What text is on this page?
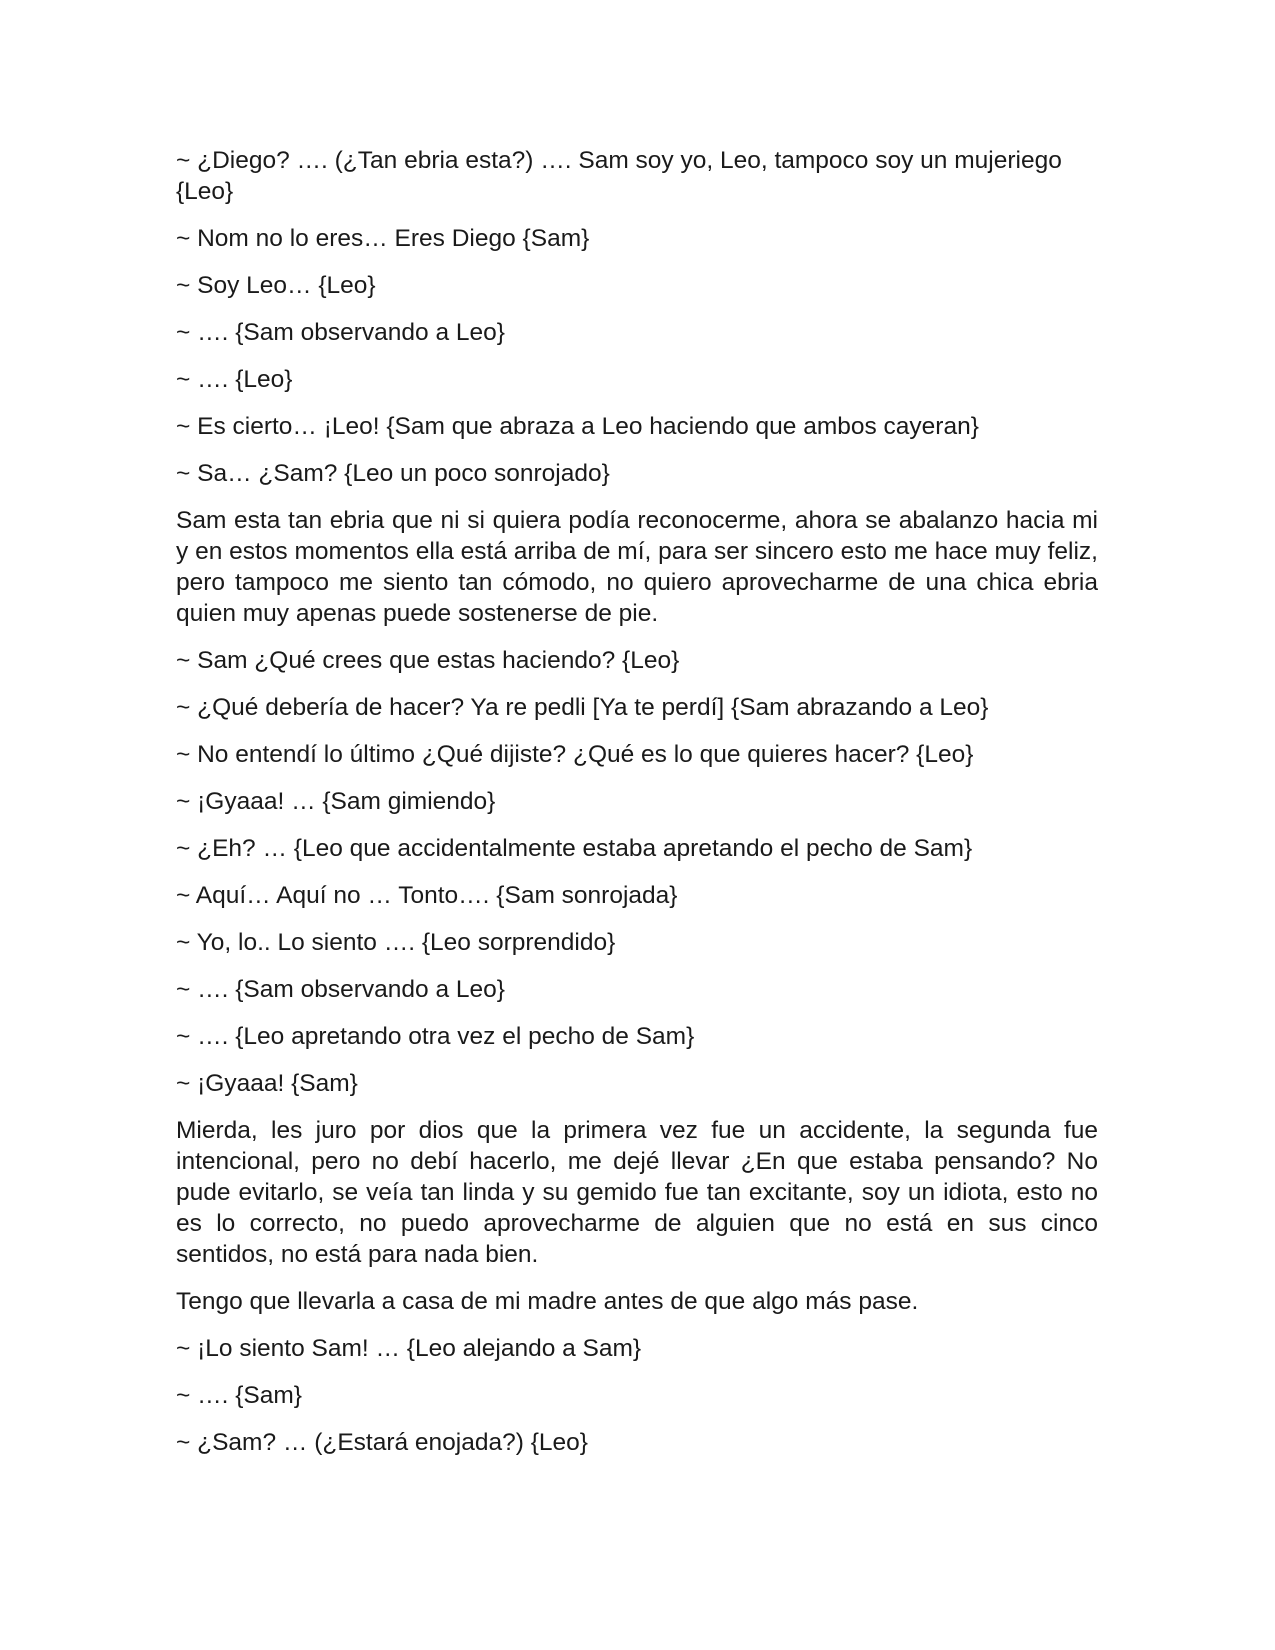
~ ¿Diego? …. (¿Tan ebria esta?) …. Sam soy yo, Leo, tampoco soy un mujeriego {Leo}

~ Nom no lo eres… Eres Diego {Sam}

~ Soy Leo… {Leo}

~ …. {Sam observando a Leo}

~ …. {Leo}

~ Es cierto… ¡Leo! {Sam que abraza a Leo haciendo que ambos cayeran}

~ Sa… ¿Sam? {Leo un poco sonrojado}

Sam esta tan ebria que ni si quiera podía reconocerme, ahora se abalanzo hacia mi y en estos momentos ella está arriba de mí, para ser sincero esto me hace muy feliz, pero tampoco me siento tan cómodo, no quiero aprovecharme de una chica ebria quien muy apenas puede sostenerse de pie.

~ Sam ¿Qué crees que estas haciendo? {Leo}

~ ¿Qué debería de hacer? Ya re pedli [Ya te perdí] {Sam abrazando a Leo}

~ No entendí lo último ¿Qué dijiste? ¿Qué es lo que quieres hacer? {Leo}

~ ¡Gyaaa! … {Sam gimiendo}

~ ¿Eh? … {Leo que accidentalmente estaba apretando el pecho de Sam}

~ Aquí… Aquí no … Tonto…. {Sam sonrojada}

~ Yo, lo.. Lo siento …. {Leo sorprendido}

~ …. {Sam observando a Leo}

~ …. {Leo apretando otra vez el pecho de Sam}

~ ¡Gyaaa! {Sam}

Mierda, les juro por dios que la primera vez fue un accidente, la segunda fue intencional, pero no debí hacerlo, me dejé llevar ¿En que estaba pensando? No pude evitarlo, se veía tan linda y su gemido fue tan excitante, soy un idiota, esto no es lo correcto, no puedo aprovecharme de alguien que no está en sus cinco sentidos, no está para nada bien.

Tengo que llevarla a casa de mi madre antes de que algo más pase.

~ ¡Lo siento Sam! … {Leo alejando a Sam}

~ …. {Sam}

~ ¿Sam? … (¿Estará enojada?) {Leo}
